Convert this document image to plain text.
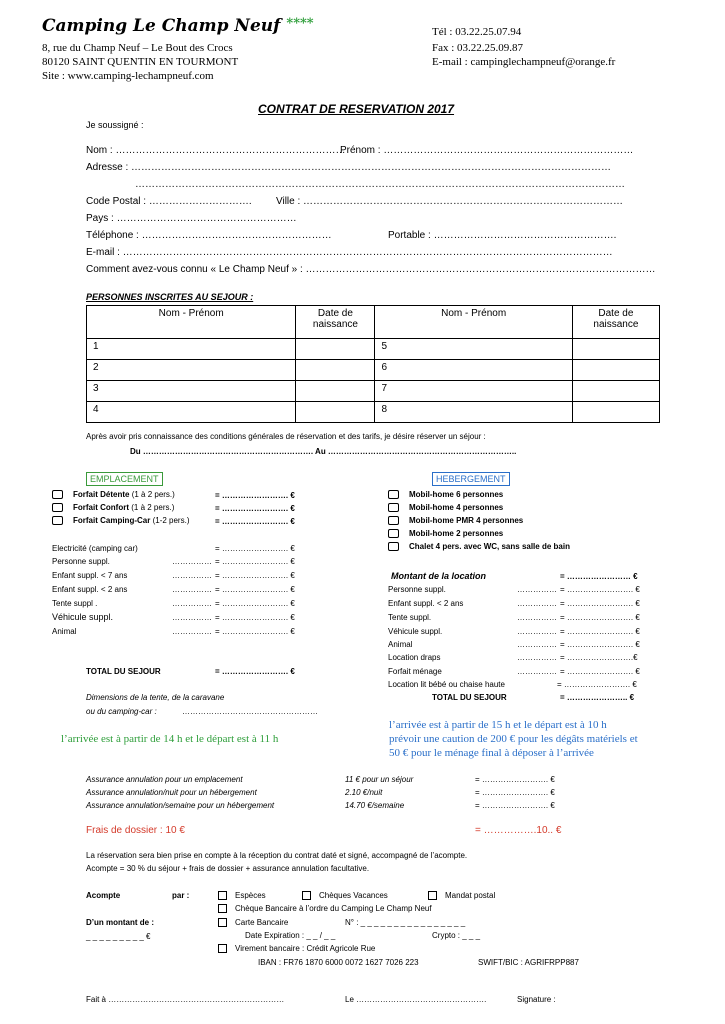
Camping Le Champ Neuf ****
8, rue du Champ Neuf – Le Bout des Crocs
80120 SAINT QUENTIN EN TOURMONT
Site : www.camping-lechampneuf.com
Tél : 03.22.25.07.94
Fax : 03.22.25.09.87
E-mail : campinglechampneuf@orange.fr
CONTRAT DE RESERVATION 2017
Je soussigné :
Nom : ……………………………………………………………
Prénom : …………………………………………………………………
Adresse : ………………………………………………………………………………………………………………………………
…………………………………………………………………………………………………………………………………
Code Postal : …………………………. Ville : ……………………………………………………………………………………
Pays : ………………………………………………
Téléphone : …………………………………………………	Portable : ……………………………………………….
E-mail : …………………………………………………………………………………………………………………………………
Comment avez-vous connu « Le Champ Neuf » : ……………………………………………………………………………………………
PERSONNES INSCRITES AU SEJOUR :
Nom - Prénom	Date de
naissance	Nom - Prénom	Date de
naissance
1		5	
2		6	
3		7	
4		8	
Après avoir pris connaissance des conditions générales de réservation et des tarifs, je désire réserver un séjour :
Du ………………………………………………………. Au ……………………………………………………………..
EMPLACEMENT
Forfait Détente (1 à 2 pers.)	= ……………………. €
Forfait Confort (1 à 2 pers.)	= ……………………. €
Forfait Camping-Car (1-2 pers.)	= ……………………. €
Electricité (camping car)	= ……………………. €
Personne suppl.	…………… = ……………………. €
Enfant suppl. < 7 ans	…………… = ……………………. €
Enfant suppl. < 2 ans	…………… = ……………………. €
Tente suppl .	…………… = ……………………. €
Véhicule suppl.	…………… = ……………………. €
Animal	…………… = ……………………. €
TOTAL DU SEJOUR	= ……………………. €
Dimensions de la tente, de la caravane
ou du camping-car :	……………………………………………
l’arrivée est à partir de 14 h et le départ est à 11 h
HEBERGEMENT
Mobil-home 6 personnes
Mobil-home 4 personnes
Mobil-home PMR 4 personnes
Mobil-home 2 personnes
Chalet 4 pers. avec WC, sans salle de bain
Montant de la location	= …………………… €
Personne suppl.	…………… = ……………………. €
Enfant suppl. < 2 ans	…………… = ……………………. €
Tente suppl.	…………… = ……………………. €
Véhicule suppl.	…………… = ……………………. €
Animal	…………… = ……………………. €
Location draps	…………… = …………………….€
Forfait ménage	…………… = ……………………. €
Location lit bébé ou chaise haute	= ……………………. €
TOTAL DU SEJOUR	= ………………….. €
l’arrivée est à partir de 15 h et le départ est à 10 h
prévoir une caution de 200 € pour les dégâts matériels et
50 € pour le ménage final à déposer à l’arrivée
Assurance annulation pour un emplacement	11 € pour un séjour	= ……………………. €
Assurance annulation/nuit pour un hébergement	2.10 €/nuit	= ……………………. €
Assurance annulation/semaine pour un hébergement	14.70 €/semaine	= ……………………. €
Frais de dossier : 10 €	= …………….10.. €
La réservation sera bien prise en compte à la réception du contrat daté et signé, accompagné de l’acompte.
Acompte = 30 % du séjour + frais de dossier + assurance annulation facultative.
Acompte	par :	Espèces	Chèques Vacances	Mandat postal
Chèque Bancaire à l’ordre du Camping Le Champ Neuf
D’un montant de :	Carte Bancaire	N° : _ _ _ _ _ _ _ _ _ _ _ _ _ _ _ _
_ _ _ _ _ _ _ _ _ €	Date Expiration : _ _ / _ _	Crypto : _ _ _
Virement bancaire : Crédit Agricole Rue
IBAN : FR76 1870 6000 0072 1627 7026 223	SWIFT/BIC : AGRIFRPP887
Fait à …………………………………………………………	Le ………………………………………….	Signature :
